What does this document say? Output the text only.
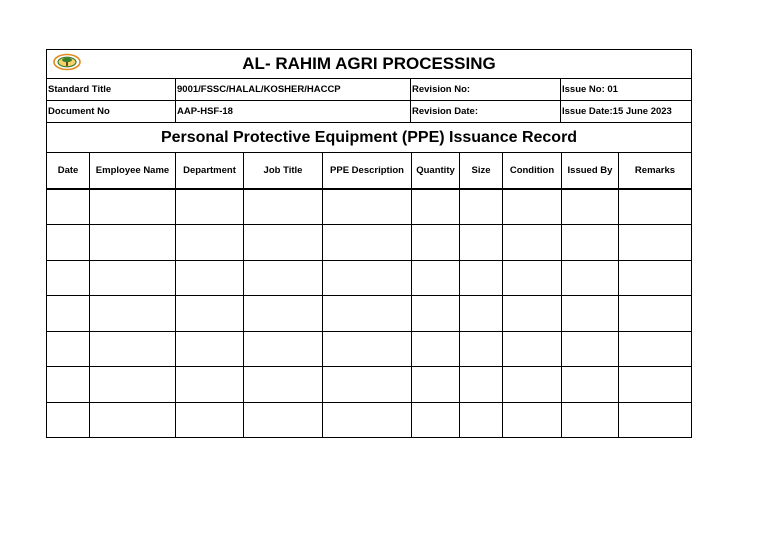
AL- RAHIM AGRI PROCESSING			
Standard Title	9001/FSSC/HALAL/KOSHER/HACCP	Revision No:	Issue No: 01
Document No	AAP-HSF-18	Revision Date:	Issue Date:15 June 2023
Personal Protective Equipment (PPE) Issuance Record			
Date	Employee Name	Department	Job Title	PPE Description	Quantity	Size	Condition	Issued By	Remarks
